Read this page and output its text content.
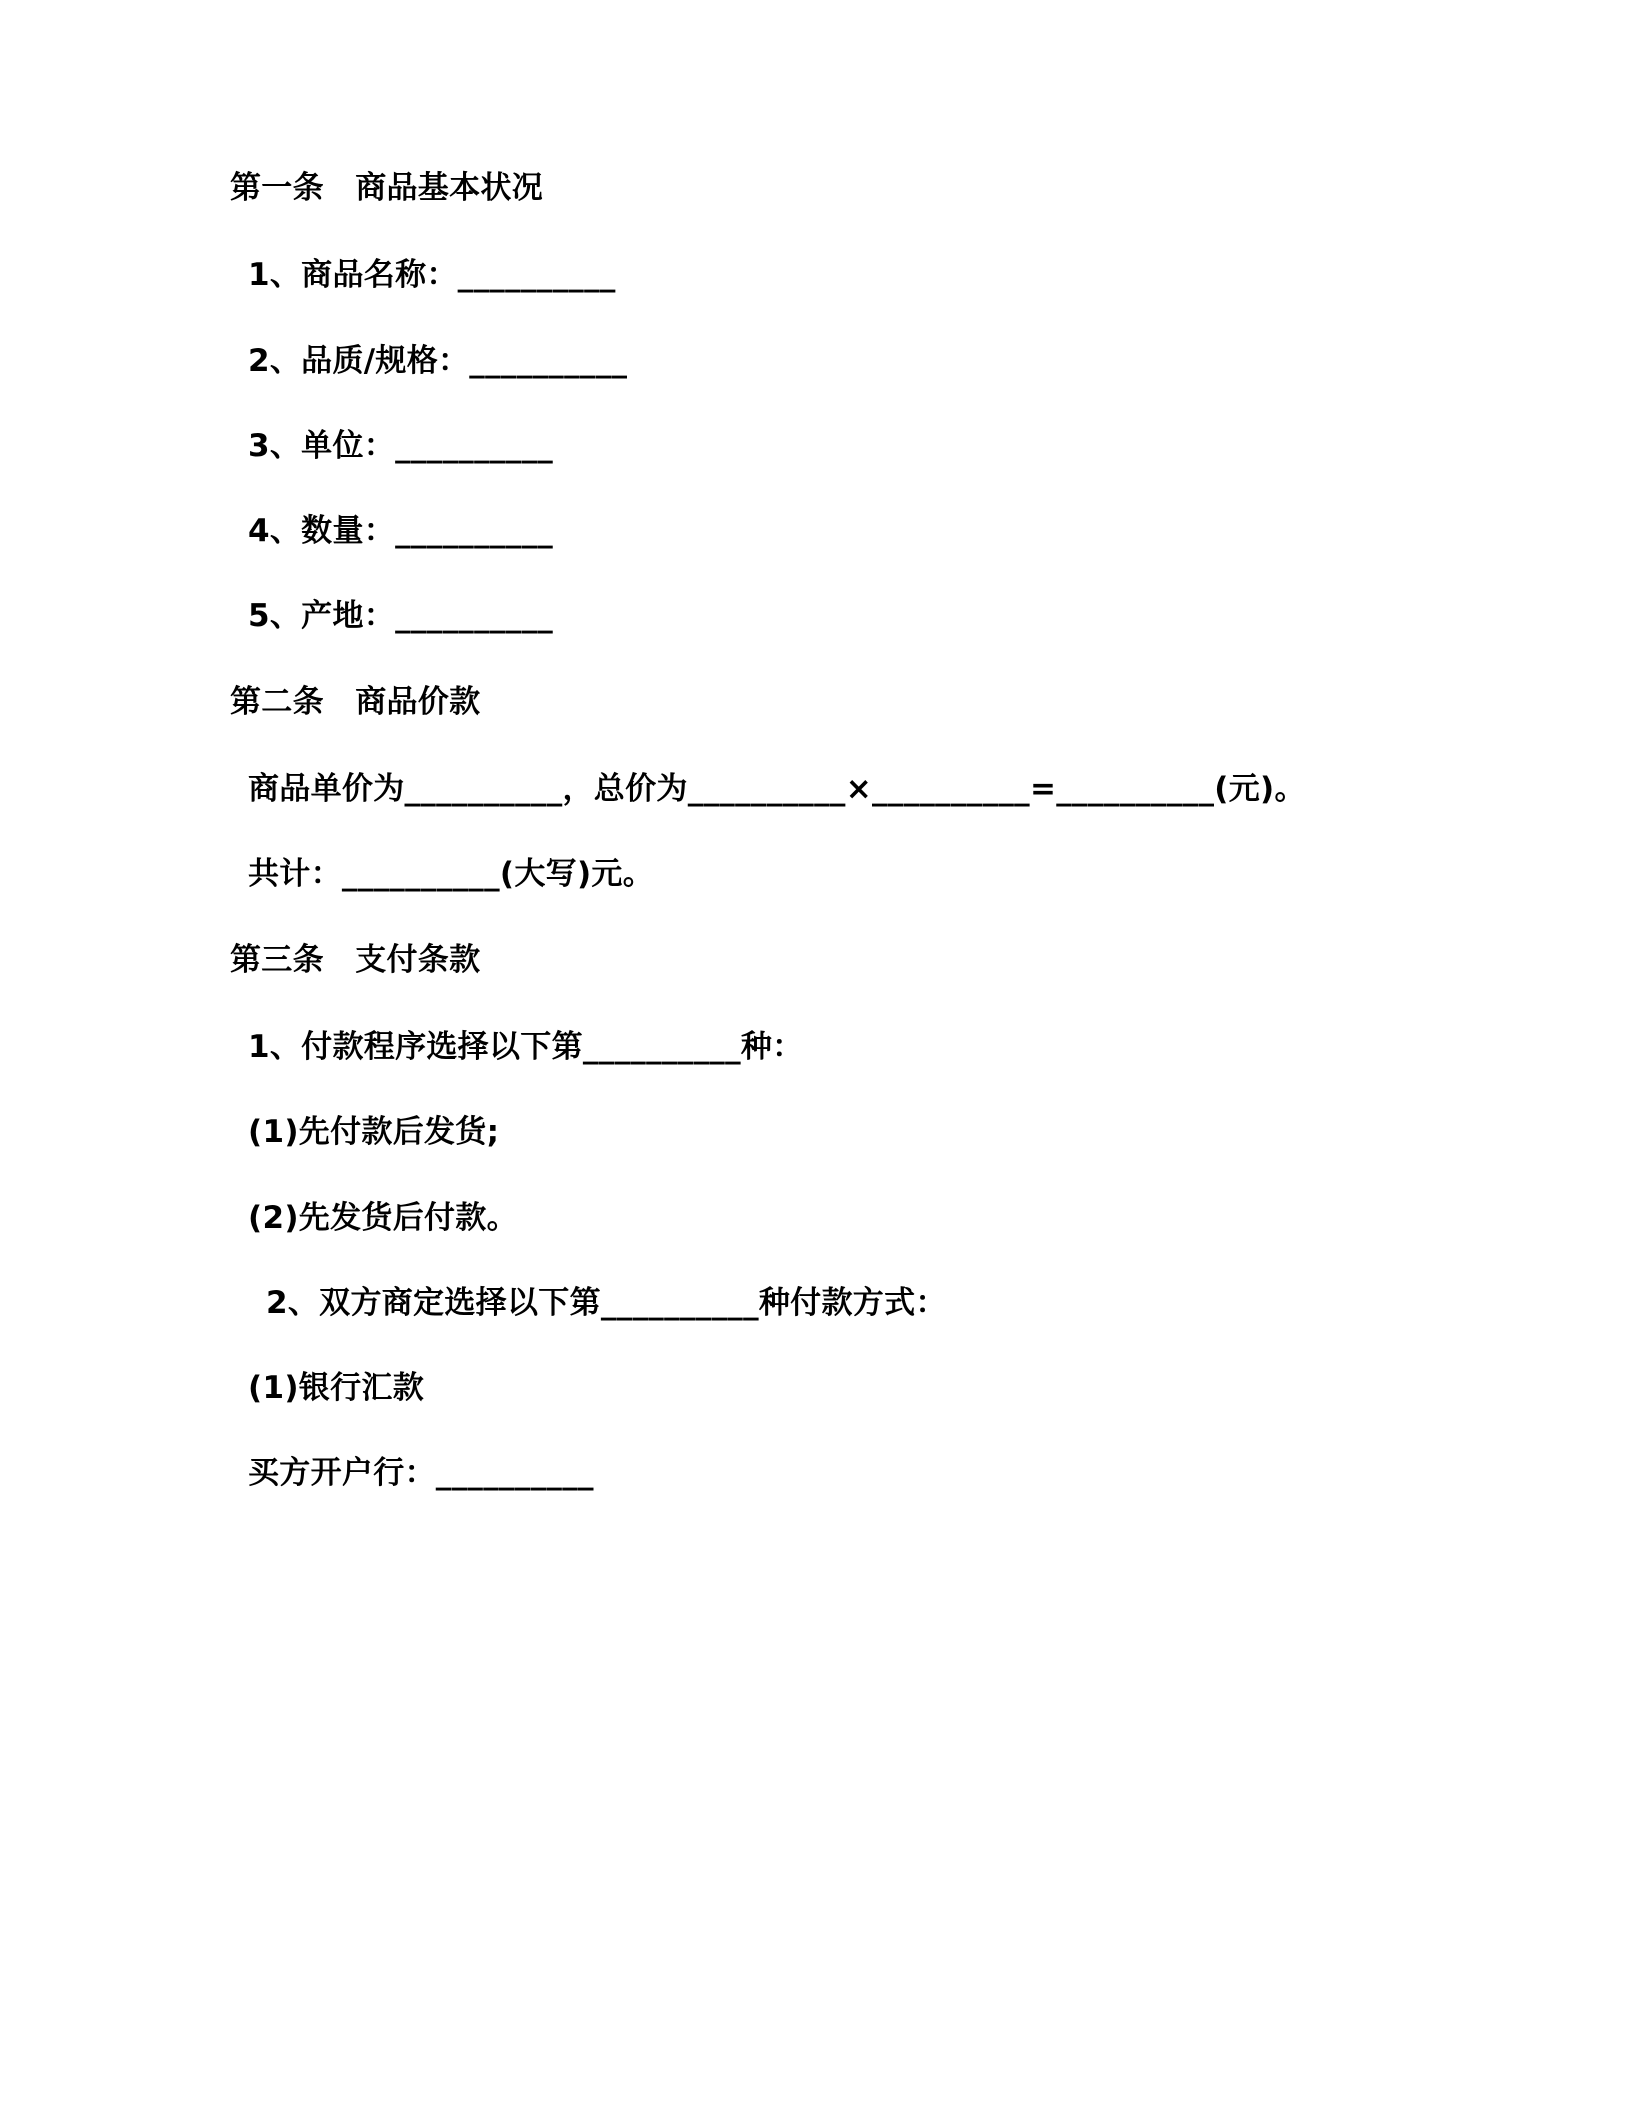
第一条　商品基本状况

1、商品名称：__________

2、品质/规格：__________

3、单位：__________

4、数量：__________

5、产地：__________

第二条　商品价款

商品单价为__________，总价为__________×__________=__________(元)。

共计：__________(大写)元。

第三条　支付条款

1、付款程序选择以下第__________种：

(1)先付款后发货;

(2)先发货后付款。

2、双方商定选择以下第__________种付款方式：

(1)银行汇款

买方开户行：__________
